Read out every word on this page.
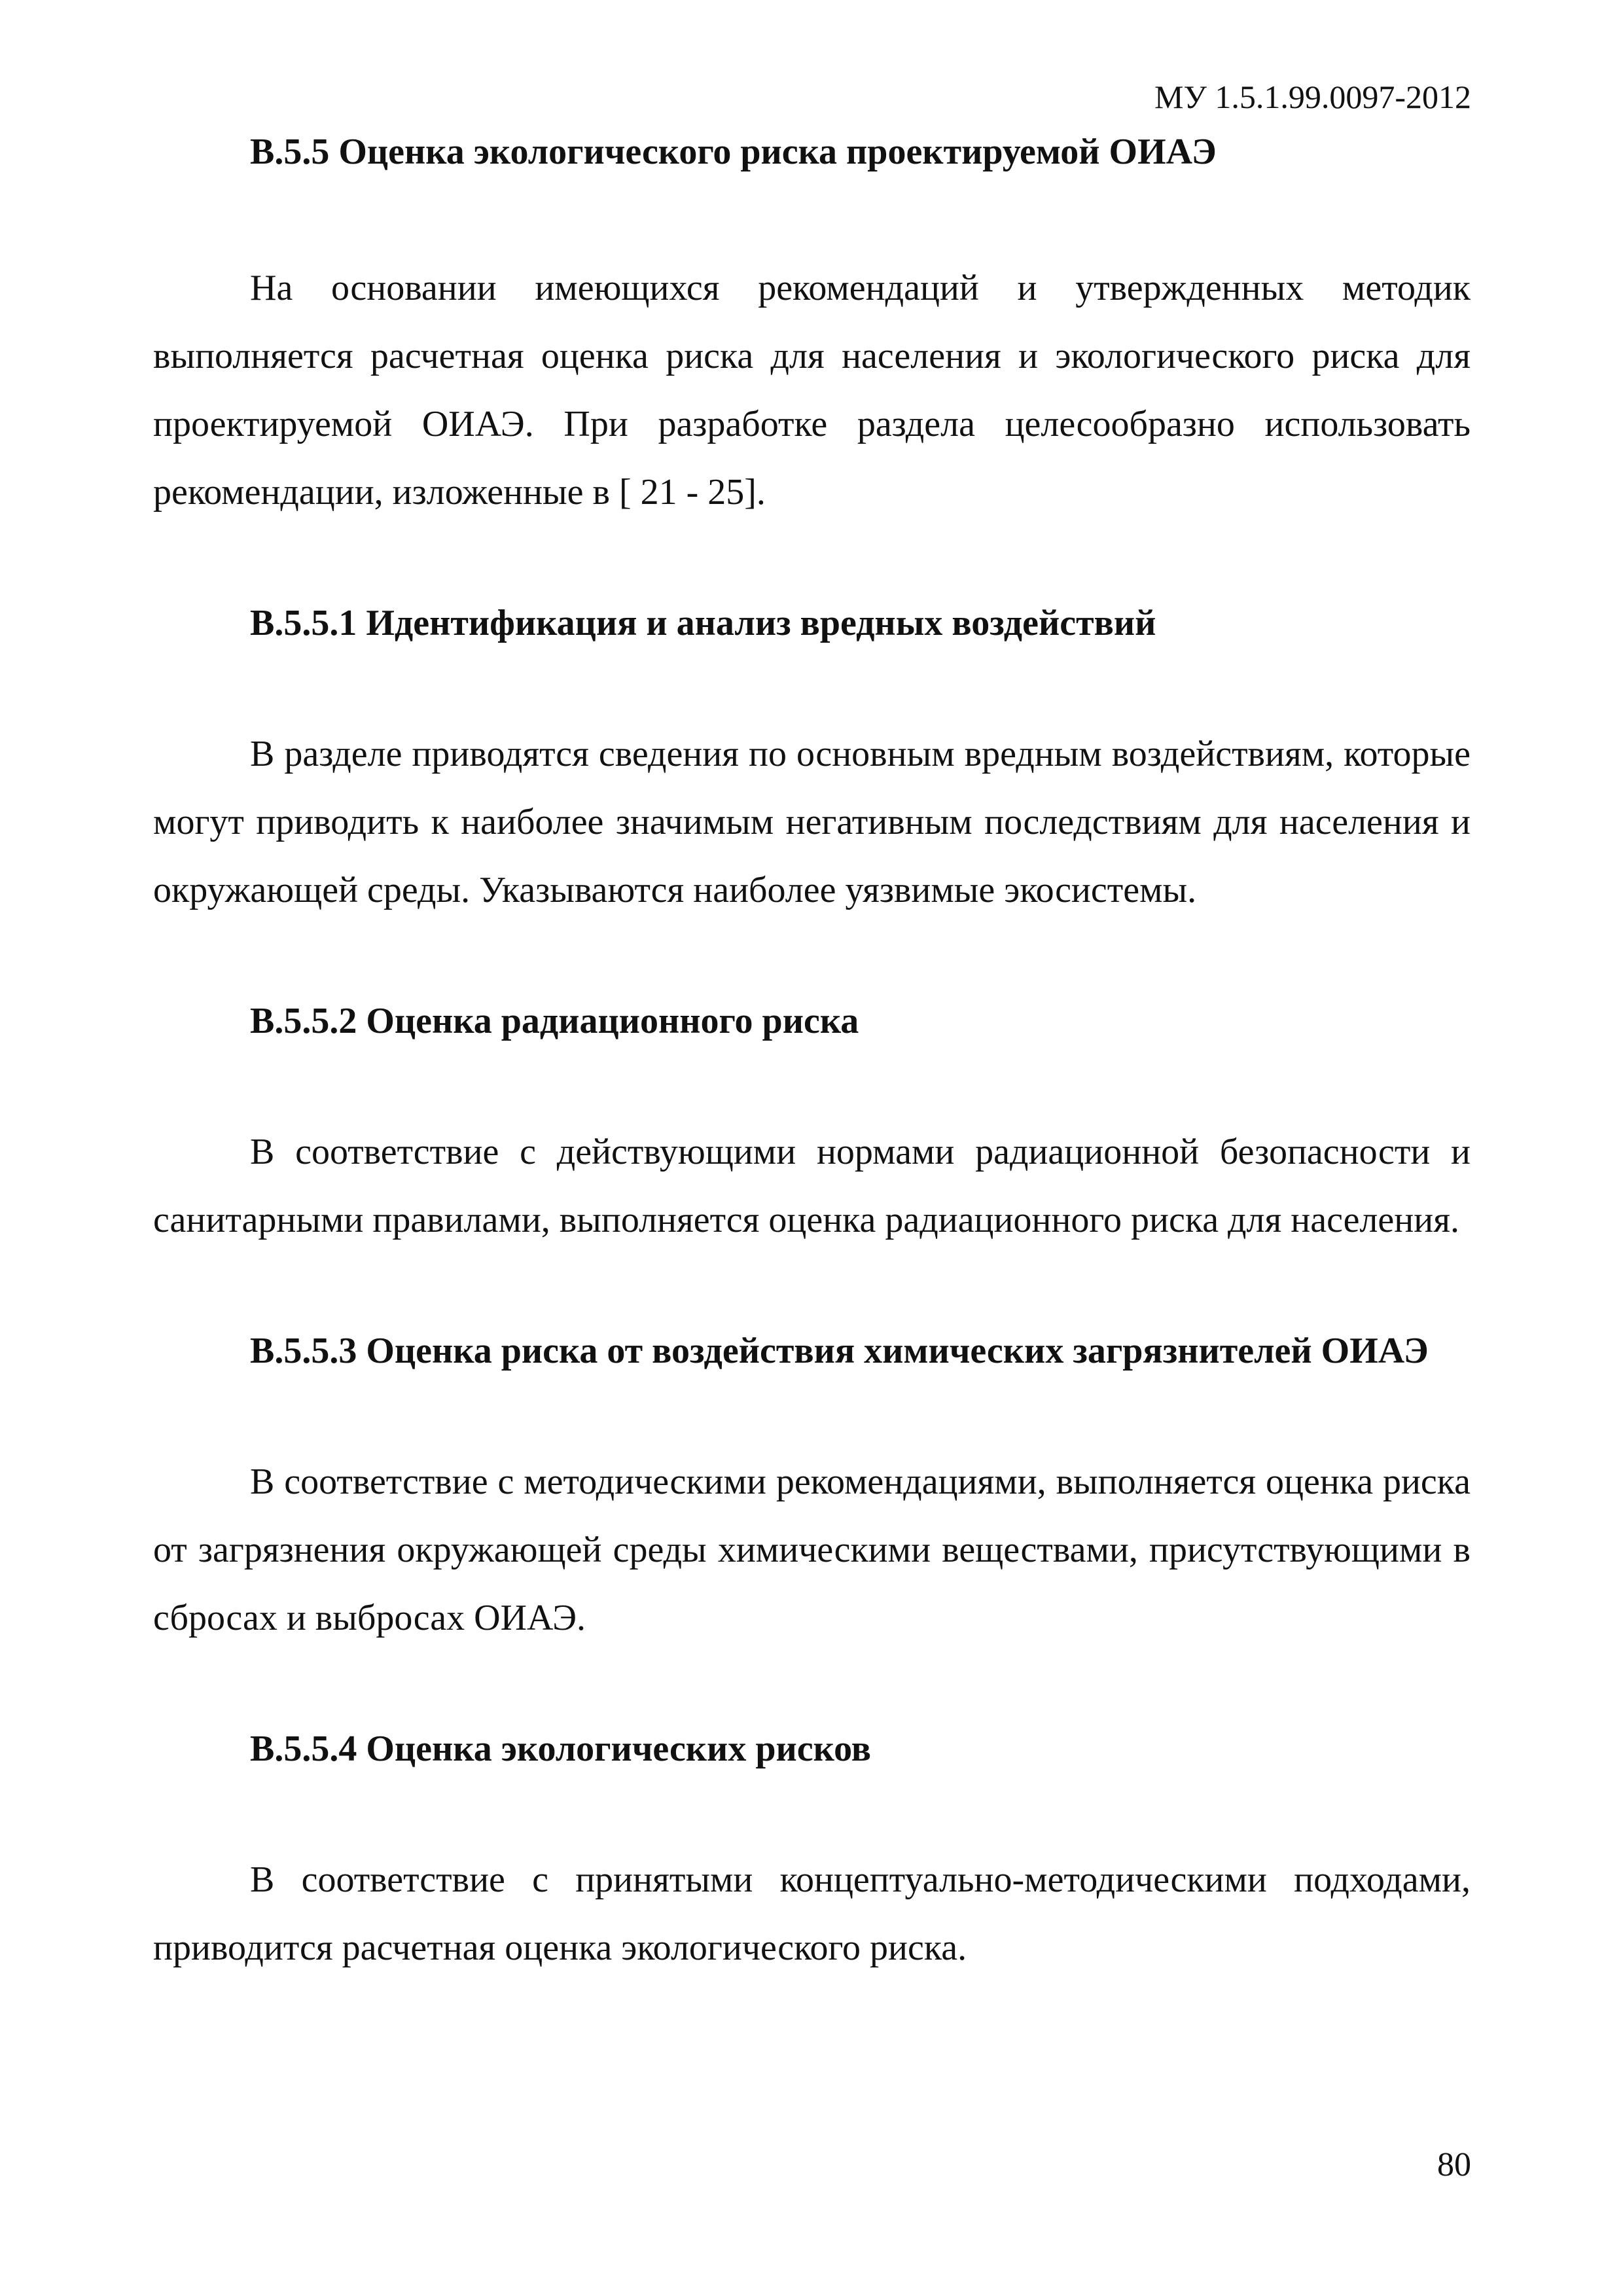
МУ 1.5.1.99.0097-2012
В.5.5 Оценка экологического риска проектируемой ОИАЭ

На основании имеющихся рекомендаций и утвержденных методик выполняется расчетная оценка риска для населения и экологического риска для проектируемой ОИАЭ. При разработке раздела целесообразно использовать рекомендации, изложенные в [ 21 - 25].

В.5.5.1 Идентификация и анализ вредных воздействий

В разделе приводятся сведения по основным вредным воздействиям, которые могут приводить к наиболее значимым негативным последствиям для населения и окружающей среды. Указываются наиболее уязвимые экосистемы.

В.5.5.2 Оценка радиационного риска

В соответствие с действующими нормами радиационной безопасности и санитарными правилами, выполняется оценка радиационного риска для населения.

В.5.5.3 Оценка риска от воздействия химических загрязнителей ОИАЭ

В соответствие с методическими рекомендациями, выполняется оценка риска от загрязнения окружающей среды химическими веществами, присутствующими в сбросах и выбросах ОИАЭ.

В.5.5.4 Оценка экологических рисков

В соответствие с принятыми концептуально-методическими подходами, приводится расчетная оценка экологического риска.

80
